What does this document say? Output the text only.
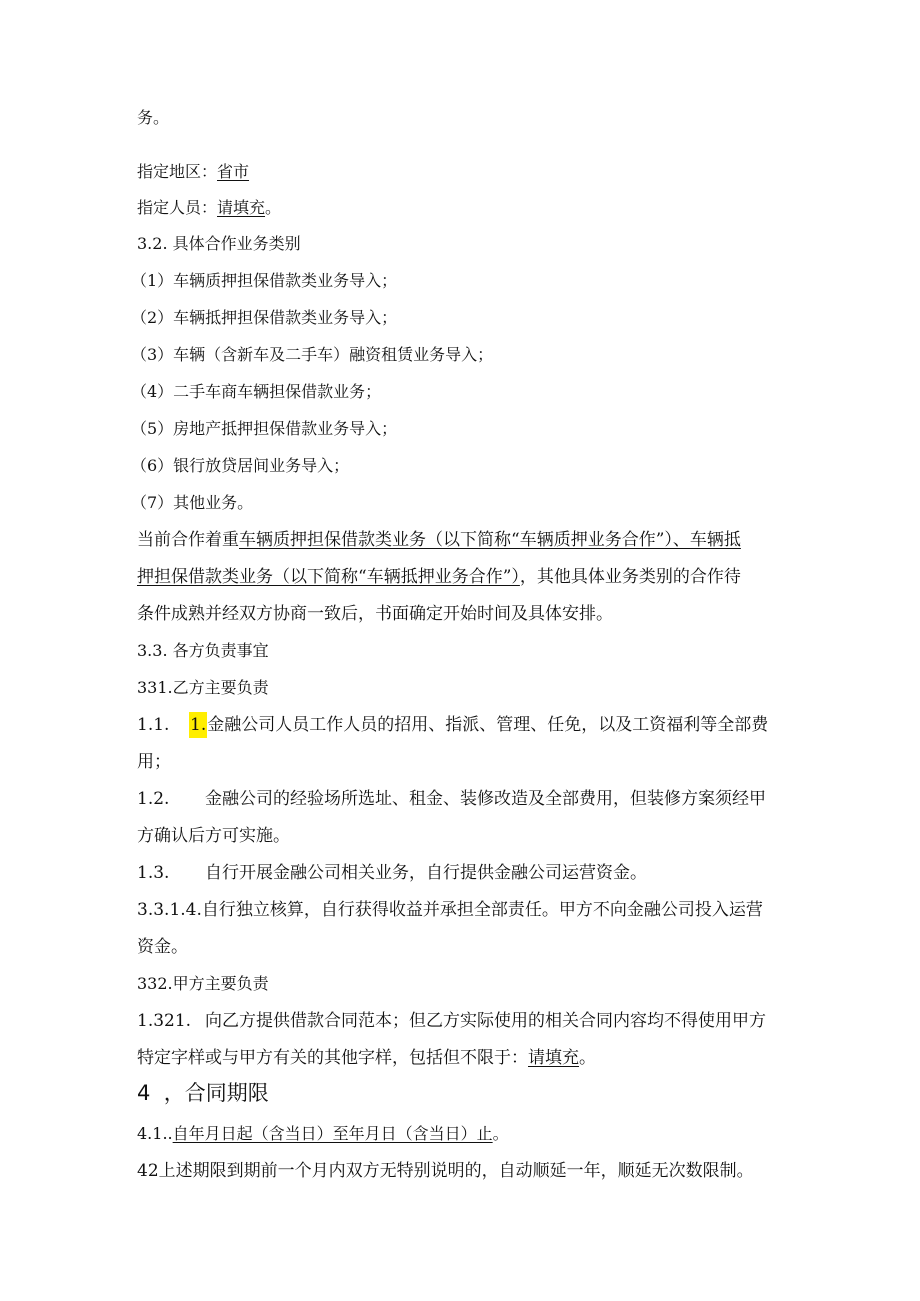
务。
指定地区：省市
指定人员：请填充。
3.2. 具体合作业务类别
（1）车辆质押担保借款类业务导入；
（2）车辆抵押担保借款类业务导入；
（3）车辆（含新车及二手车）融资租赁业务导入；
（4）二手车商车辆担保借款业务；
（5）房地产抵押担保借款业务导入；
（6）银行放贷居间业务导入；
（7）其他业务。
当前合作着重车辆质押担保借款类业务（以下简称“车辆质押业务合作”）、车辆抵
押担保借款类业务（以下简称“车辆抵押业务合作”），其他具体业务类别的合作待
条件成熟并经双方协商一致后，书面确定开始时间及具体安排。
3.3. 各方负责事宜
331.乙方主要负责
1.1. 1.金融公司人员工作人员的招用、指派、管理、任免，以及工资福利等全部费
用；
1.2. 金融公司的经验场所选址、租金、装修改造及全部费用，但装修方案须经甲
方确认后方可实施。
1.3. 自行开展金融公司相关业务，自行提供金融公司运营资金。
3.3.1.4.自行独立核算，自行获得收益并承担全部责任。甲方不向金融公司投入运营
资金。
332.甲方主要负责
1.321. 向乙方提供借款合同范本；但乙方实际使用的相关合同内容均不得使用甲方
特定字样或与甲方有关的其他字样，包括但不限于：请填充。
4  ，合同期限
4.1..自年月日起（含当日）至年月日（含当日）止。
42上述期限到期前一个月内双方无特别说明的，自动顺延一年，顺延无次数限制。
